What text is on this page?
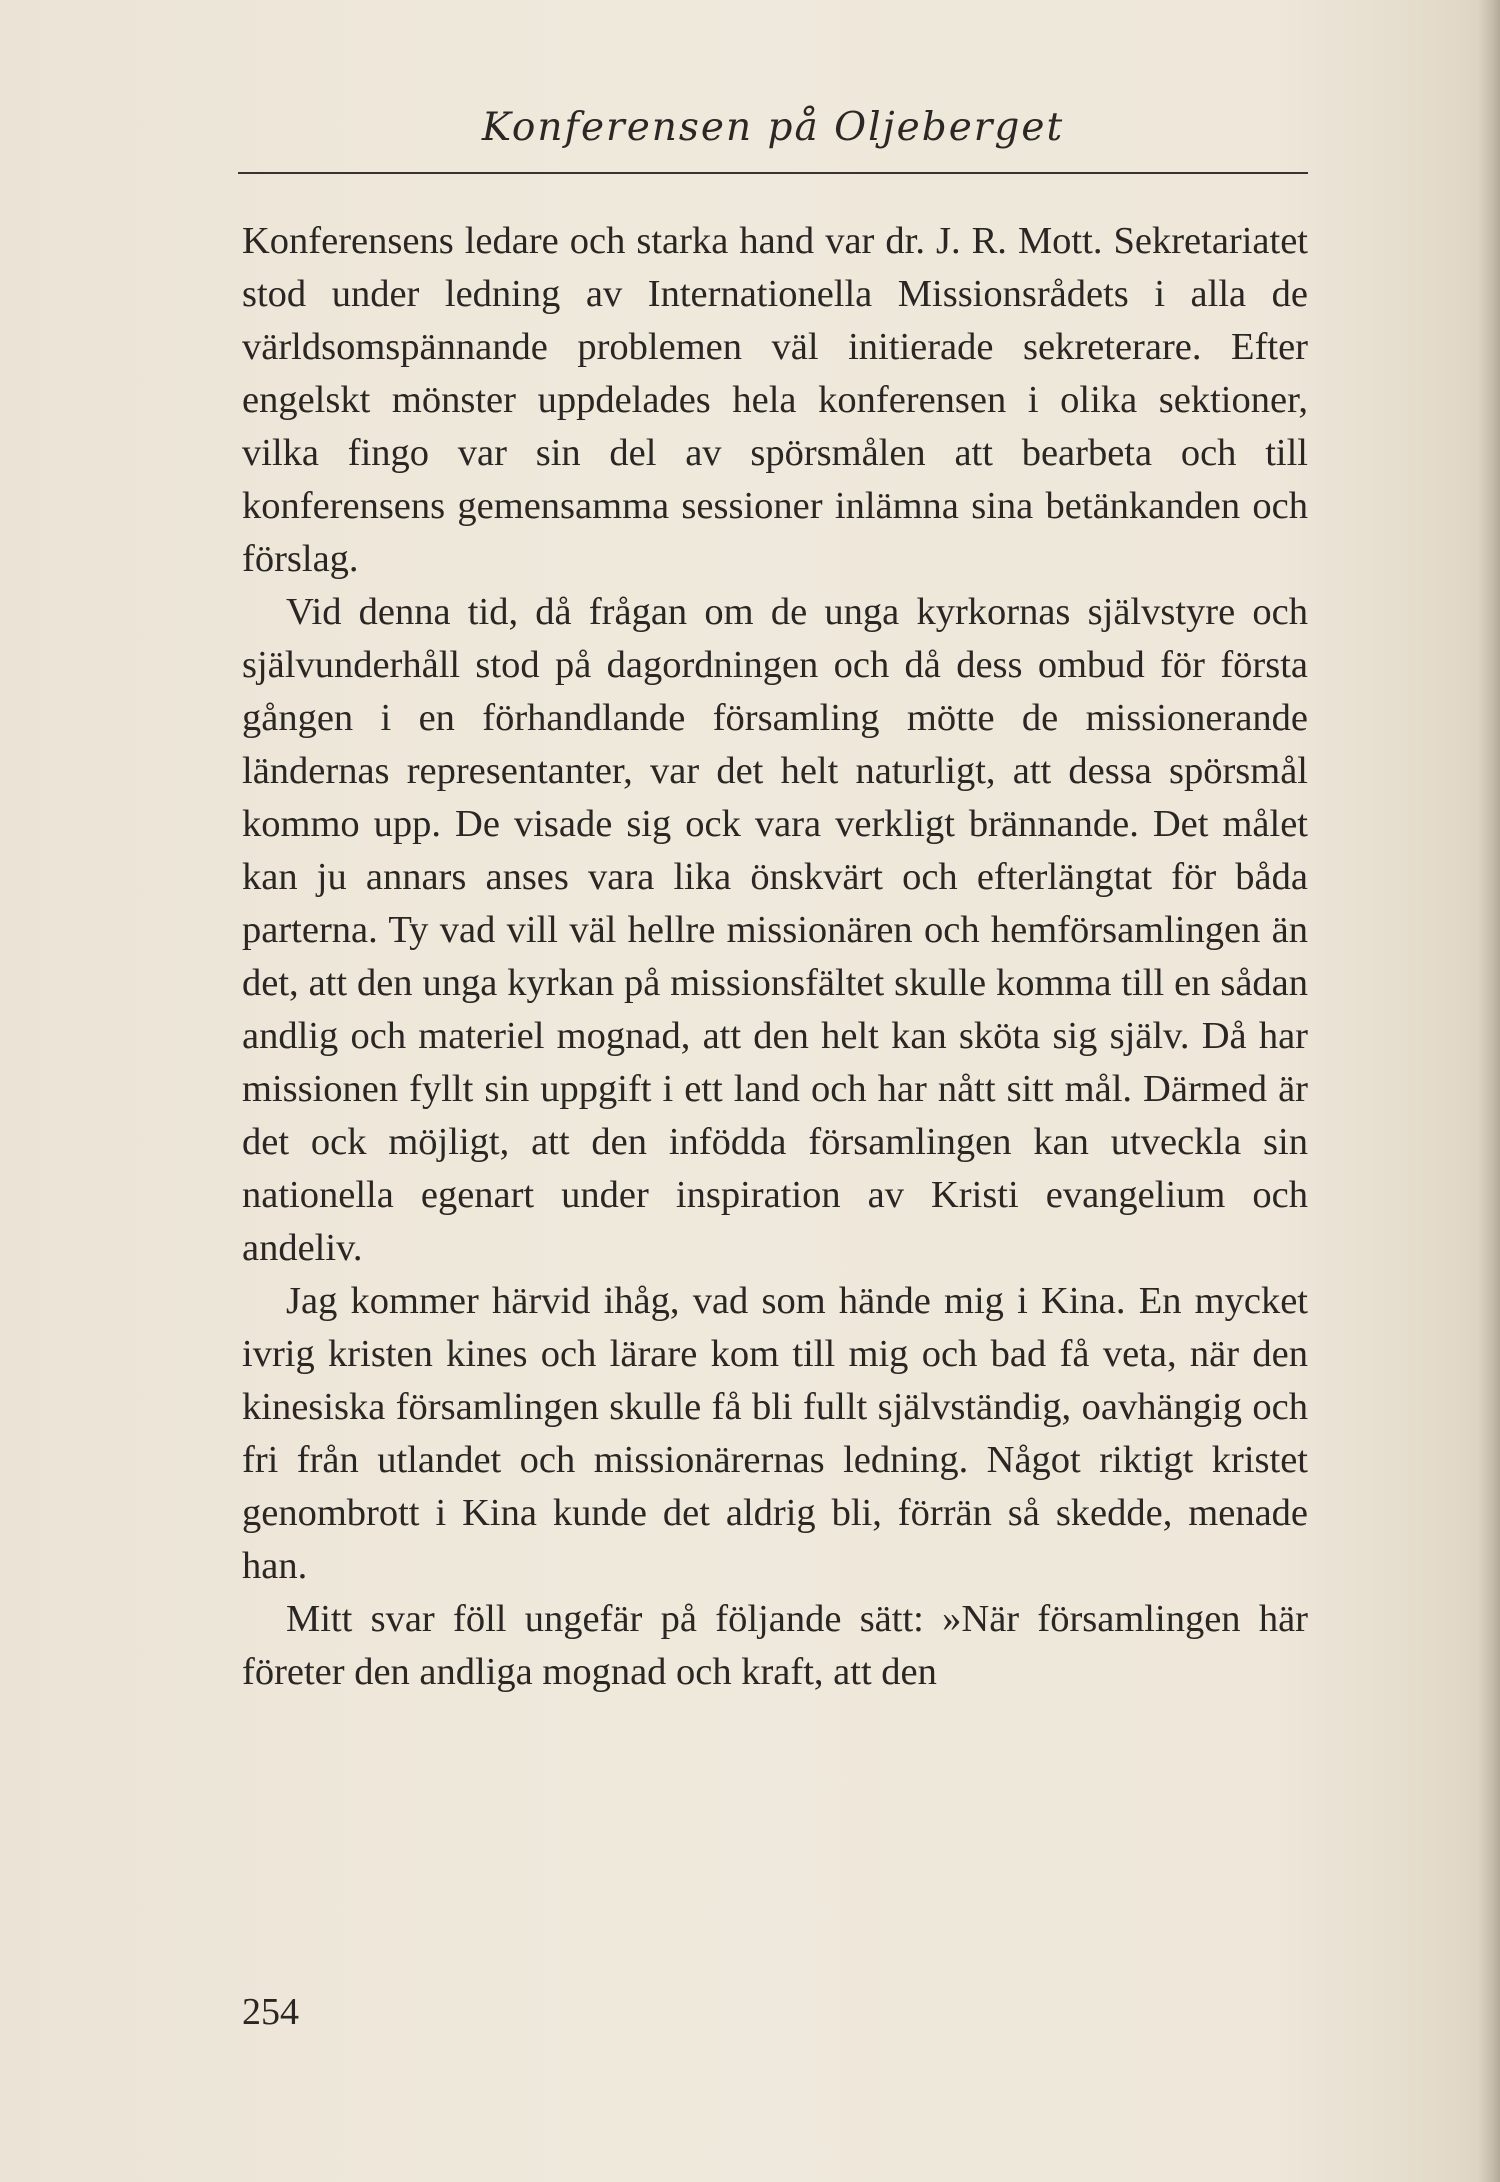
Konferensen på Oljeberget

Konferensens ledare och starka hand var dr. J. R. Mott. Sekretariatet stod under ledning av Internationella Missionsrådets i alla de världsomspännande problemen väl initierade sekreterare. Efter engelskt mönster uppdelades hela konferensen i olika sektioner, vilka fingo var sin del av spörsmålen att bearbeta och till konferensens gemensamma sessioner inlämna sina betänkanden och förslag.

Vid denna tid, då frågan om de unga kyrkornas självstyre och självunderhåll stod på dagordningen och då dess ombud för första gången i en förhandlande församling mötte de missionerande ländernas representanter, var det helt naturligt, att dessa spörsmål kommo upp. De visade sig ock vara verkligt brännande. Det målet kan ju annars anses vara lika önskvärt och efterlängtat för båda parterna. Ty vad vill väl hellre missionären och hemförsamlingen än det, att den unga kyrkan på missionsfältet skulle komma till en sådan andlig och materiel mognad, att den helt kan sköta sig själv. Då har missionen fyllt sin uppgift i ett land och har nått sitt mål. Därmed är det ock möjligt, att den infödda församlingen kan utveckla sin nationella egenart under inspiration av Kristi evangelium och andeliv.

Jag kommer härvid ihåg, vad som hände mig i Kina. En mycket ivrig kristen kines och lärare kom till mig och bad få veta, när den kinesiska församlingen skulle få bli fullt självständig, oavhängig och fri från utlandet och missionärernas ledning. Något riktigt kristet genombrott i Kina kunde det aldrig bli, förrän så skedde, menade han.

Mitt svar föll ungefär på följande sätt: »När församlingen här företer den andliga mognad och kraft, att den

254
